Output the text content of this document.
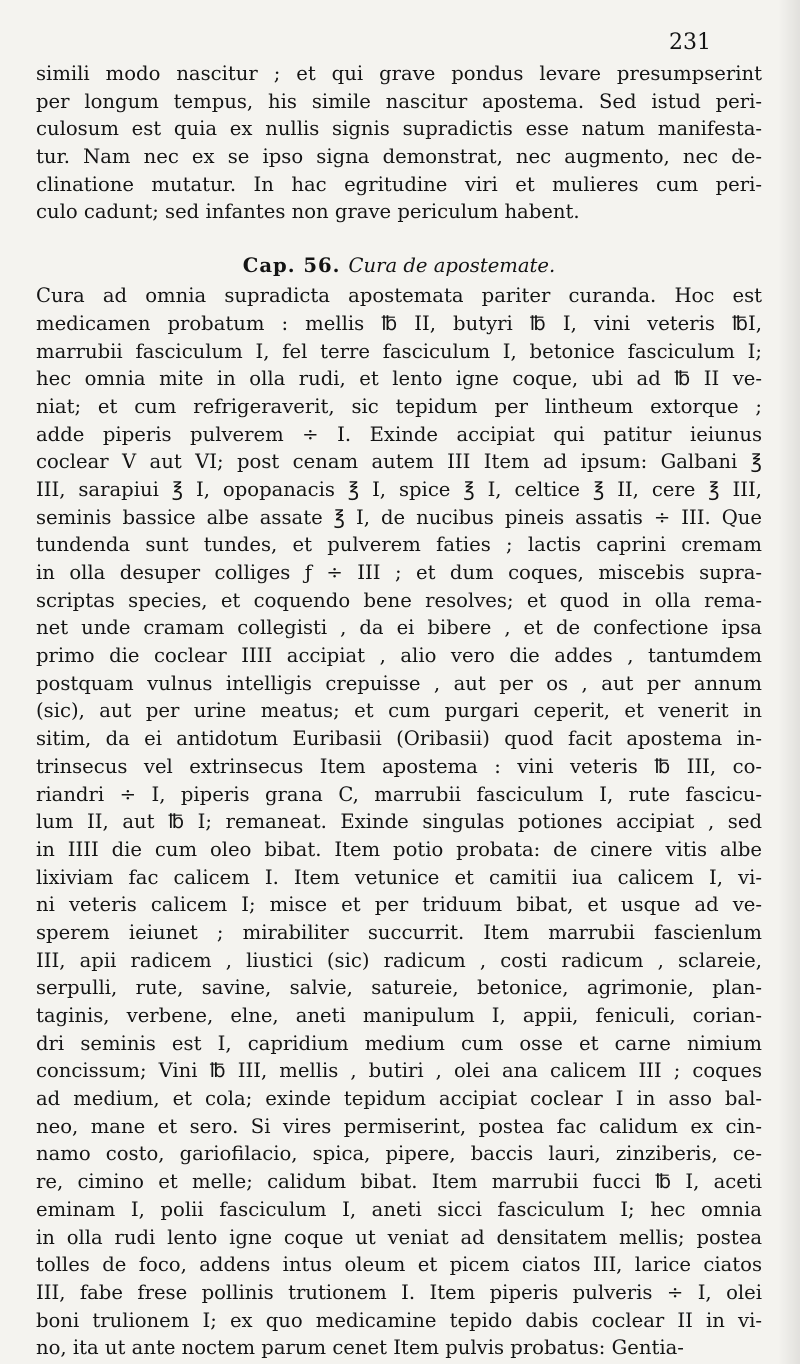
231
simili modo nascitur ; et qui grave pondus levare presumpserint
per longum tempus, his simile nascitur apostema. Sed istud peri-
culosum est quia ex nullis signis supradictis esse natum manifesta-
tur. Nam nec ex se ipso signa demonstrat, nec augmento, nec de-
clinatione mutatur. In hac egritudine viri et mulieres cum peri-
culo cadunt; sed infantes non grave periculum habent.
Cap. 56. Cura de apostemate.
Cura ad omnia supradicta apostemata pariter curanda. Hoc est
medicamen probatum : mellis ℔ II, butyri ℔ I, vini veteris ℔I,
marrubii fasciculum I, fel terre fasciculum I, betonice fasciculum I;
hec omnia mite in olla rudi, et lento igne coque, ubi ad ℔ II ve-
niat; et cum refrigeraverit, sic tepidum per lintheum extorque ;
adde piperis pulverem ÷ I. Exinde accipiat qui patitur ieiunus
coclear V aut VI; post cenam autem III Item ad ipsum: Galbani ℥
III, sarapiui ℥ I, opopanacis ℥ I, spice ℥ I, celtice ℥ II, cere ℥ III,
seminis bassice albe assate ℥ I, de nucibus pineis assatis ÷ III. Que
tundenda sunt tundes, et pulverem faties ; lactis caprini cremam
in olla desuper colliges ƒ ÷ III ; et dum coques, miscebis supra-
scriptas species, et coquendo bene resolves; et quod in olla rema-
net unde cramam collegisti , da ei bibere , et de confectione ipsa
primo die coclear IIII accipiat , alio vero die addes , tantumdem
postquam vulnus intelligis crepuisse , aut per os , aut per annum
(sic), aut per urine meatus; et cum purgari ceperit, et venerit in
sitim, da ei antidotum Euribasii (Oribasii) quod facit apostema in-
trinsecus vel extrinsecus Item apostema : vini veteris ℔ III, co-
riandri ÷ I, piperis grana C, marrubii fasciculum I, rute fascicu-
lum II, aut ℔ I; remaneat. Exinde singulas potiones accipiat , sed
in IIII die cum oleo bibat. Item potio probata: de cinere vitis albe
lixiviam fac calicem I. Item vetunice et camitii iua calicem I, vi-
ni veteris calicem I; misce et per triduum bibat, et usque ad ve-
sperem ieiunet ; mirabiliter succurrit. Item marrubii fascienlum
III, apii radicem , liustici (sic) radicum , costi radicum , sclareie,
serpulli, rute, savine, salvie, satureie, betonice, agrimonie, plan-
taginis, verbene, elne, aneti manipulum I, appii, feniculi, corian-
dri seminis est I, capridium medium cum osse et carne nimium
concissum; Vini ℔ III, mellis , butiri , olei ana calicem III ; coques
ad medium, et cola; exinde tepidum accipiat coclear I in asso bal-
neo, mane et sero. Si vires permiserint, postea fac calidum ex cin-
namo costo, gariofilacio, spica, pipere, baccis lauri, zinziberis, ce-
re, cimino et melle; calidum bibat. Item marrubii fucci ℔ I, aceti
eminam I, polii fasciculum I, aneti sicci fasciculum I; hec omnia
in olla rudi lento igne coque ut veniat ad densitatem mellis; postea
tolles de foco, addens intus oleum et picem ciatos III, larice ciatos
III, fabe frese pollinis trutionem I. Item piperis pulveris ÷ I, olei
boni trulionem I; ex quo medicamine tepido dabis coclear II in vi-
no, ita ut ante noctem parum cenet Item pulvis probatus: Gentia-
